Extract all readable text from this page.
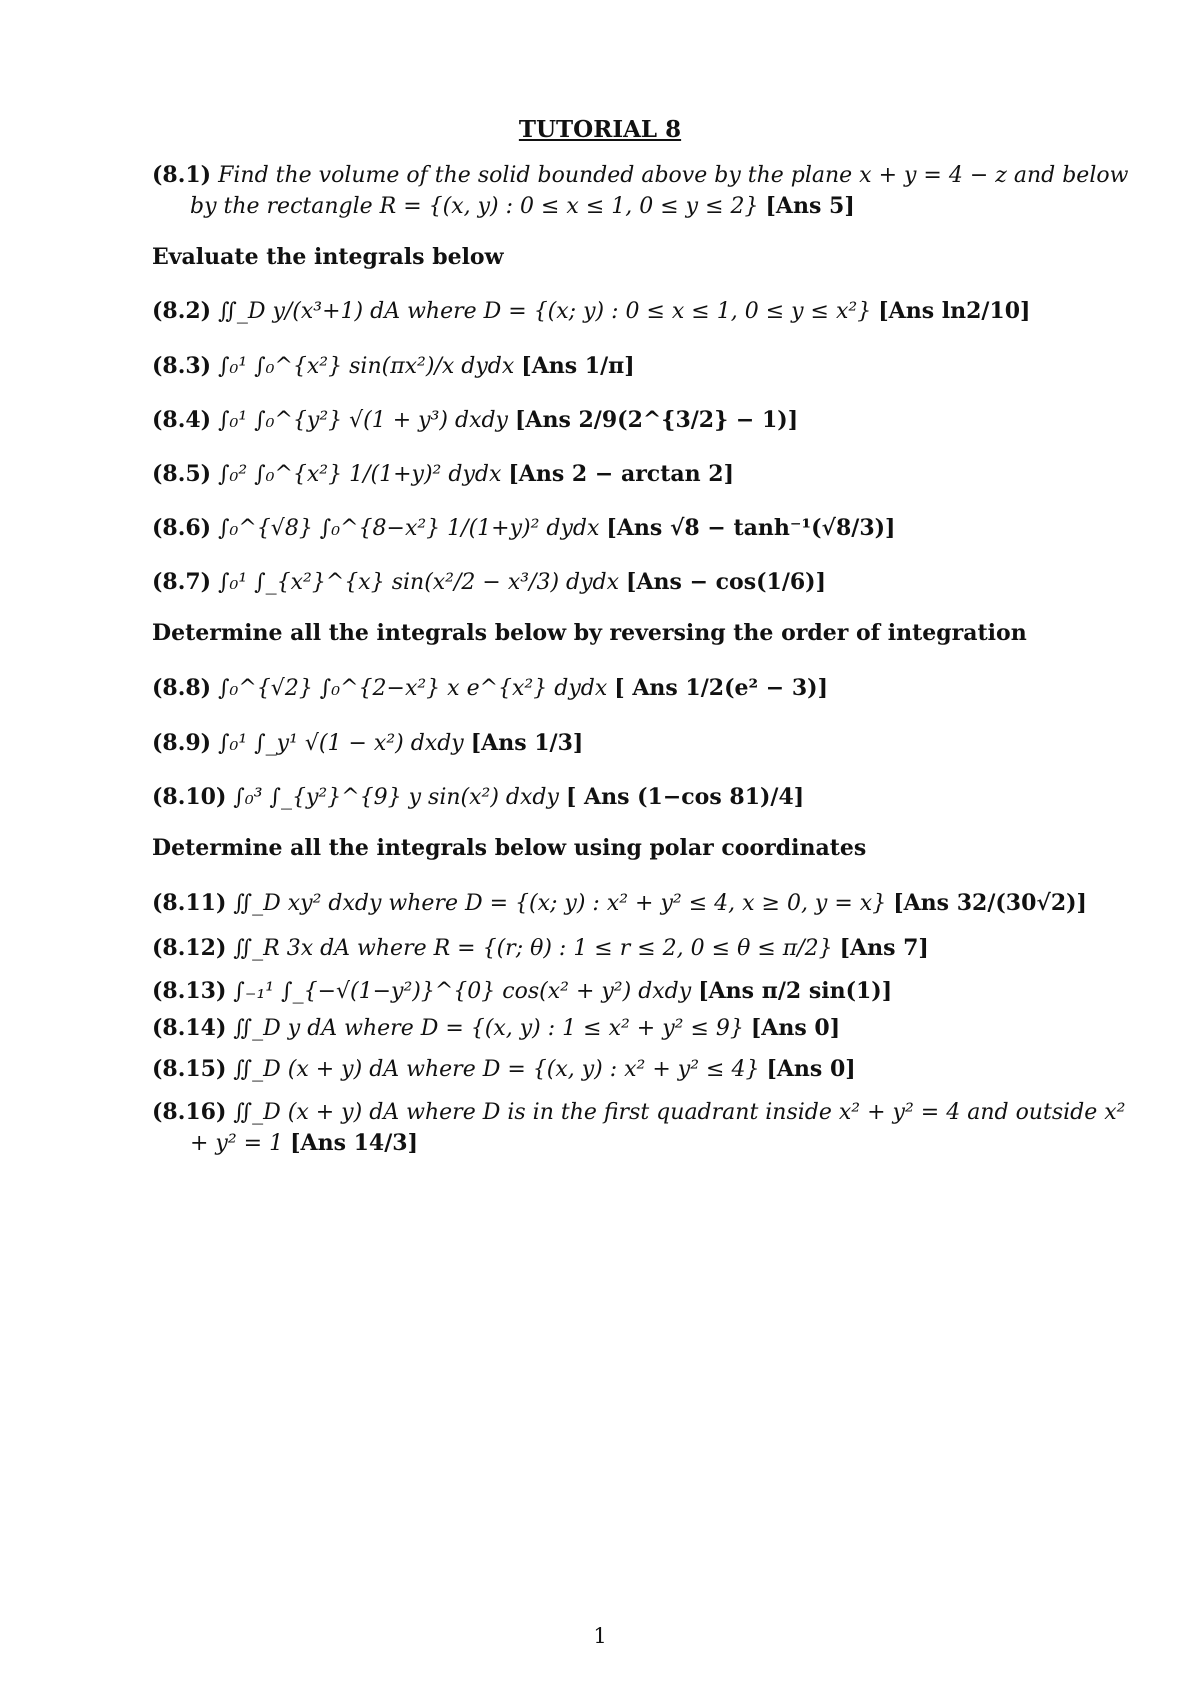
TUTORIAL 8
(8.1) Find the volume of the solid bounded above by the plane x + y = 4 − z and below by the rectangle R = {(x, y) : 0 ≤ x ≤ 1, 0 ≤ y ≤ 2} [Ans 5]
Evaluate the integrals below
(8.2) ∬_D y/(x³+1) dA where D = {(x; y) : 0 ≤ x ≤ 1, 0 ≤ y ≤ x²} [Ans ln2/10]
(8.3) ∫₀¹ ∫₀^{x²} sin(πx²)/x dydx [Ans 1/π]
(8.4) ∫₀¹ ∫₀^{y²} √(1 + y³) dxdy [Ans 2/9(2^{3/2} − 1)]
(8.5) ∫₀² ∫₀^{x²} 1/(1+y)² dydx [Ans 2 − arctan 2]
(8.6) ∫₀^{√8} ∫₀^{8−x²} 1/(1+y)² dydx [Ans √8 − tanh⁻¹(√8/3)]
(8.7) ∫₀¹ ∫_{x²}^{x} sin(x²/2 − x³/3) dydx [Ans − cos(1/6)]
Determine all the integrals below by reversing the order of integration
(8.8) ∫₀^{√2} ∫₀^{2−x²} x e^{x²} dydx [ Ans 1/2(e² − 3)]
(8.9) ∫₀¹ ∫_y¹ √(1 − x²) dxdy [Ans 1/3]
(8.10) ∫₀³ ∫_{y²}^{9} y sin(x²) dxdy [ Ans (1−cos 81)/4]
Determine all the integrals below using polar coordinates
(8.11) ∬_D xy² dxdy where D = {(x; y) : x² + y² ≤ 4, x ≥ 0, y = x} [Ans 32/(30√2)]
(8.12) ∬_R 3x dA where R = {(r; θ) : 1 ≤ r ≤ 2, 0 ≤ θ ≤ π/2} [Ans 7]
(8.13) ∫₋₁¹ ∫_{−√(1−y²)}^{0} cos(x² + y²) dxdy [Ans π/2 sin(1)]
(8.14) ∬_D y dA where D = {(x, y) : 1 ≤ x² + y² ≤ 9} [Ans 0]
(8.15) ∬_D (x + y) dA where D = {(x, y) : x² + y² ≤ 4} [Ans 0]
(8.16) ∬_D (x + y) dA where D is in the first quadrant inside x² + y² = 4 and outside x² + y² = 1 [Ans 14/3]
1
